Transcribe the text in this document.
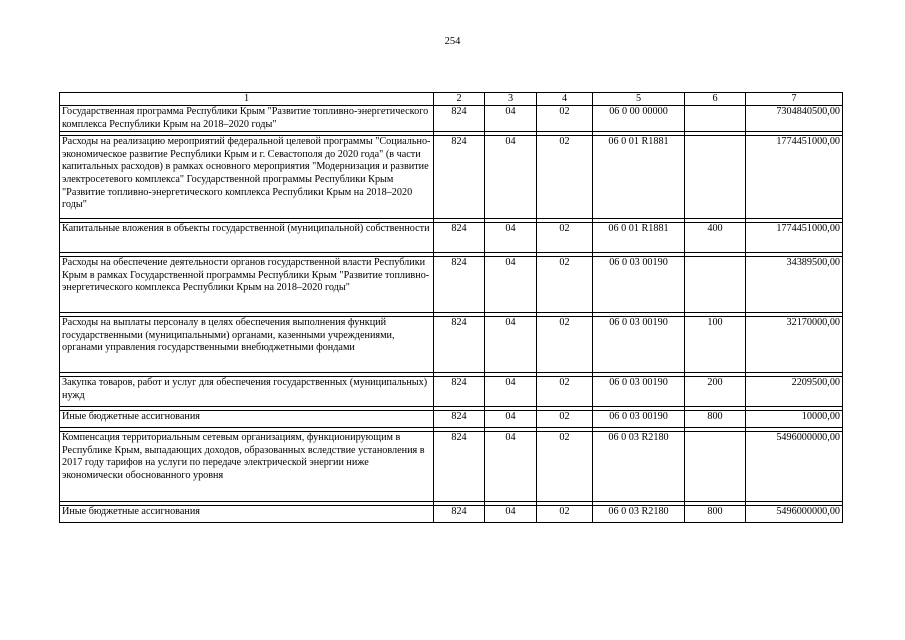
254
1	2	3	4	5	6	7
Государственная программа Республики Крым "Развитие топливно-энергетического комплекса Республики Крым на 2018–2020 годы"	824	04	02	06 0 00 00000		7304840500,00

Расходы на реализацию мероприятий федеральной целевой программы "Социально-экономическое развитие Республики Крым и г. Севастополя до 2020 года" (в части капитальных расходов) в рамках основного мероприятия "Модернизация и развитие электросетевого комплекса" Государственной программы Республики Крым "Развитие топливно-энергетического комплекса Республики Крым на 2018–2020 годы"	824	04	02	06 0 01 R1881		1774451000,00

Капитальные вложения в объекты государственной (муниципальной) собственности	824	04	02	06 0 01 R1881	400	1774451000,00

Расходы на обеспечение деятельности органов государственной власти Республики Крым в рамках Государственной программы Республики Крым "Развитие топливно-энергетического комплекса Республики Крым на 2018–2020 годы"	824	04	02	06 0 03 00190		34389500,00

Расходы на выплаты персоналу в целях обеспечения выполнения функций государственными (муниципальными) органами, казенными учреждениями, органами управления государственными внебюджетными фондами	824	04	02	06 0 03 00190	100	32170000,00

Закупка товаров, работ и услуг для обеспечения государственных (муниципальных) нужд	824	04	02	06 0 03 00190	200	2209500,00

Иные бюджетные ассигнования	824	04	02	06 0 03 00190	800	10000,00

Компенсация территориальным сетевым организациям, функционирующим в Республике Крым, выпадающих доходов, образованных вследствие установления в 2017 году тарифов на услуги по передаче электрической энергии ниже экономически обоснованного уровня	824	04	02	06 0 03 R2180		5496000000,00

Иные бюджетные ассигнования	824	04	02	06 0 03 R2180	800	5496000000,00
